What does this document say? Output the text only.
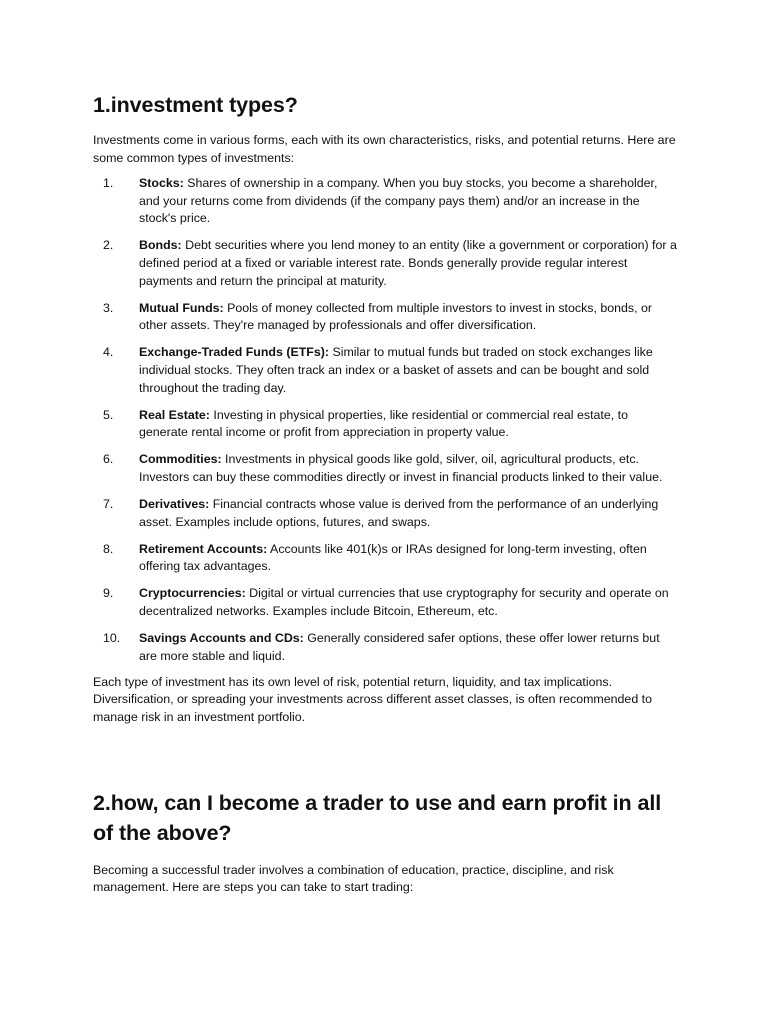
1.investment types?

Investments come in various forms, each with its own characteristics, risks, and potential returns. Here are some common types of investments:

1.	Stocks: Shares of ownership in a company. When you buy stocks, you become a shareholder, and your returns come from dividends (if the company pays them) and/or an increase in the stock's price.
2.	Bonds: Debt securities where you lend money to an entity (like a government or corporation) for a defined period at a fixed or variable interest rate. Bonds generally provide regular interest payments and return the principal at maturity.
3.	Mutual Funds: Pools of money collected from multiple investors to invest in stocks, bonds, or other assets. They're managed by professionals and offer diversification.
4.	Exchange-Traded Funds (ETFs): Similar to mutual funds but traded on stock exchanges like individual stocks. They often track an index or a basket of assets and can be bought and sold throughout the trading day.
5.	Real Estate: Investing in physical properties, like residential or commercial real estate, to generate rental income or profit from appreciation in property value.
6.	Commodities: Investments in physical goods like gold, silver, oil, agricultural products, etc. Investors can buy these commodities directly or invest in financial products linked to their value.
7.	Derivatives: Financial contracts whose value is derived from the performance of an underlying asset. Examples include options, futures, and swaps.
8.	Retirement Accounts: Accounts like 401(k)s or IRAs designed for long-term investing, often offering tax advantages.
9.	Cryptocurrencies: Digital or virtual currencies that use cryptography for security and operate on decentralized networks. Examples include Bitcoin, Ethereum, etc.
10.	Savings Accounts and CDs: Generally considered safer options, these offer lower returns but are more stable and liquid.

Each type of investment has its own level of risk, potential return, liquidity, and tax implications. Diversification, or spreading your investments across different asset classes, is often recommended to manage risk in an investment portfolio.

2.how, can I become a trader to use and earn profit in all of the above?

Becoming a successful trader involves a combination of education, practice, discipline, and risk management. Here are steps you can take to start trading:
